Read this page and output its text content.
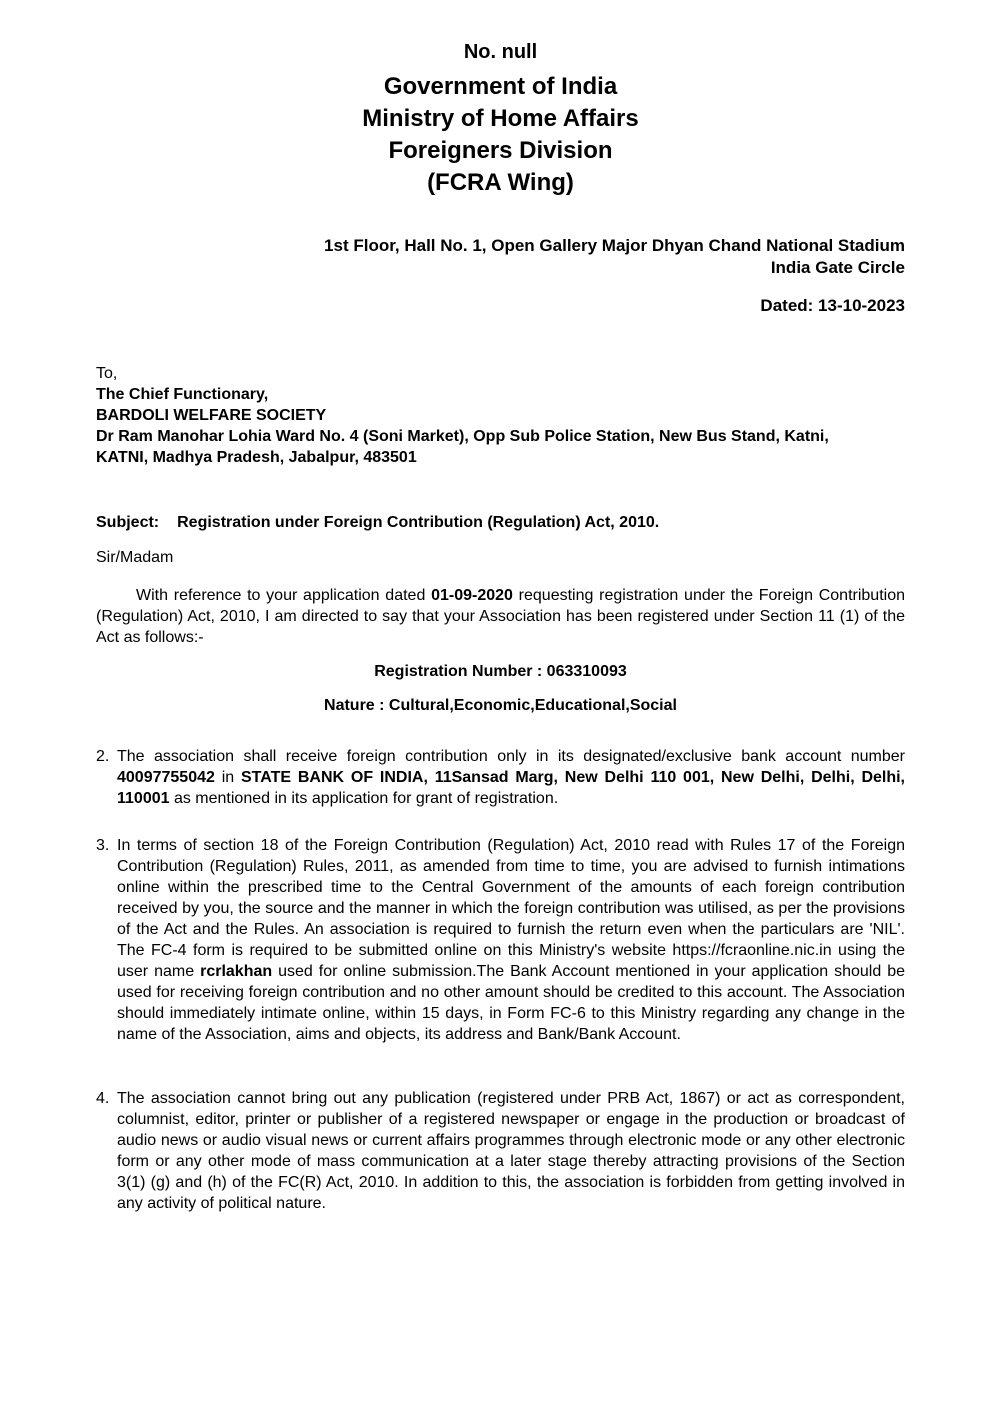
No. null
Government of India
Ministry of Home Affairs
Foreigners Division
(FCRA Wing)
1st Floor, Hall No. 1, Open Gallery Major Dhyan Chand National Stadium
India Gate Circle
Dated: 13-10-2023
To,
The Chief Functionary,
BARDOLI WELFARE SOCIETY
Dr Ram Manohar Lohia Ward No. 4 (Soni Market), Opp Sub Police Station, New Bus Stand, Katni,
KATNI, Madhya Pradesh, Jabalpur, 483501
Subject: Registration under Foreign Contribution (Regulation) Act, 2010.
Sir/Madam
With reference to your application dated 01-09-2020 requesting registration under the Foreign Contribution (Regulation) Act, 2010, I am directed to say that your Association has been registered under Section 11 (1) of the Act as follows:-
Registration Number : 063310093
Nature : Cultural,Economic,Educational,Social
2. The association shall receive foreign contribution only in its designated/exclusive bank account number 40097755042 in STATE BANK OF INDIA, 11Sansad Marg, New Delhi 110 001, New Delhi, Delhi, Delhi, 110001 as mentioned in its application for grant of registration.
3. In terms of section 18 of the Foreign Contribution (Regulation) Act, 2010 read with Rules 17 of the Foreign Contribution (Regulation) Rules, 2011, as amended from time to time, you are advised to furnish intimations online within the prescribed time to the Central Government of the amounts of each foreign contribution received by you, the source and the manner in which the foreign contribution was utilised, as per the provisions of the Act and the Rules. An association is required to furnish the return even when the particulars are 'NIL'. The FC-4 form is required to be submitted online on this Ministry's website https://fcraonline.nic.in using the user name rcrlakhan used for online submission.The Bank Account mentioned in your application should be used for receiving foreign contribution and no other amount should be credited to this account. The Association should immediately intimate online, within 15 days, in Form FC-6 to this Ministry regarding any change in the name of the Association, aims and objects, its address and Bank/Bank Account.
4. The association cannot bring out any publication (registered under PRB Act, 1867) or act as correspondent, columnist, editor, printer or publisher of a registered newspaper or engage in the production or broadcast of audio news or audio visual news or current affairs programmes through electronic mode or any other electronic form or any other mode of mass communication at a later stage thereby attracting provisions of the Section 3(1) (g) and (h) of the FC(R) Act, 2010. In addition to this, the association is forbidden from getting involved in any activity of political nature.
